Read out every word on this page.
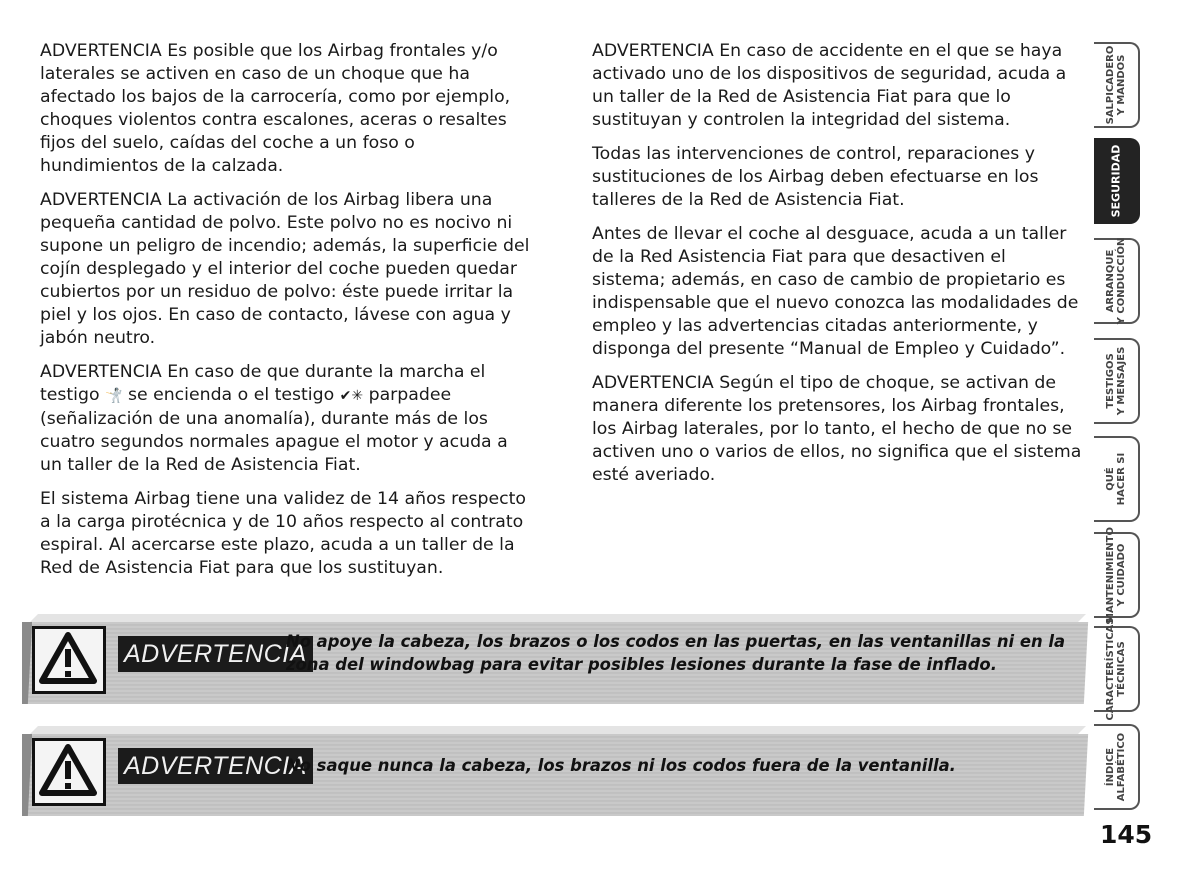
ADVERTENCIA Es posible que los Airbag frontales y/o laterales se activen en caso de un choque que ha afectado los bajos de la carrocería, como por ejemplo, choques violentos contra escalones, aceras o resaltes fijos del suelo, caídas del coche a un foso o hundimientos de la calzada.

ADVERTENCIA La activación de los Airbag libera una pequeña cantidad de polvo. Este polvo no es nocivo ni supone un peligro de incendio; además, la superficie del cojín desplegado y el interior del coche pueden quedar cubiertos por un residuo de polvo: éste puede irritar la piel y los ojos. En caso de contacto, lávese con agua y jabón neutro.

ADVERTENCIA En caso de que durante la marcha el testigo 🤺 se encienda o el testigo ✔✳ parpadee (señalización de una anomalía), durante más de los cuatro segundos normales apague el motor y acuda a un taller de la Red de Asistencia Fiat.

El sistema Airbag tiene una validez de 14 años respecto a la carga pirotécnica y de 10 años respecto al contrato espiral. Al acercarse este plazo, acuda a un taller de la Red de Asistencia Fiat para que los sustituyan.

ADVERTENCIA En caso de accidente en el que se haya activado uno de los dispositivos de seguridad, acuda a un taller de la Red de Asistencia Fiat para que lo sustituyan y controlen la integridad del sistema.

Todas las intervenciones de control, reparaciones y sustituciones de los Airbag deben efectuarse en los talleres de la Red de Asistencia Fiat.

Antes de llevar el coche al desguace, acuda a un taller de la Red Asistencia Fiat para que desactiven el sistema; además, en caso de cambio de propietario es indispensable que el nuevo conozca las modalidades de empleo y las advertencias citadas anteriormente, y disponga del presente “Manual de Empleo y Cuidado”.

ADVERTENCIA Según el tipo de choque, se activan de manera diferente los pretensores, los Airbag frontales, los Airbag laterales, por lo tanto, el hecho de que no se activen uno o varios de ellos, no significa que el sistema esté averiado.

ADVERTENCIA
No apoye la cabeza, los brazos o los codos en las puertas, en las ventanillas ni en la zona del windowbag para evitar posibles lesiones durante la fase de inflado.
ADVERTENCIA
No saque nunca la cabeza, los brazos ni los codos fuera de la ventanilla.
SALPICADERO Y MANDOS
SEGURIDAD
ARRANQUE Y CONDUCCIÓN
TESTIGOS Y MENSAJES
QUÉ HACER SI
MANTENIMIENTO Y CUIDADO
CARACTERÍSTICAS TÉCNICAS
ÍNDICE ALFABÉTICO
145
